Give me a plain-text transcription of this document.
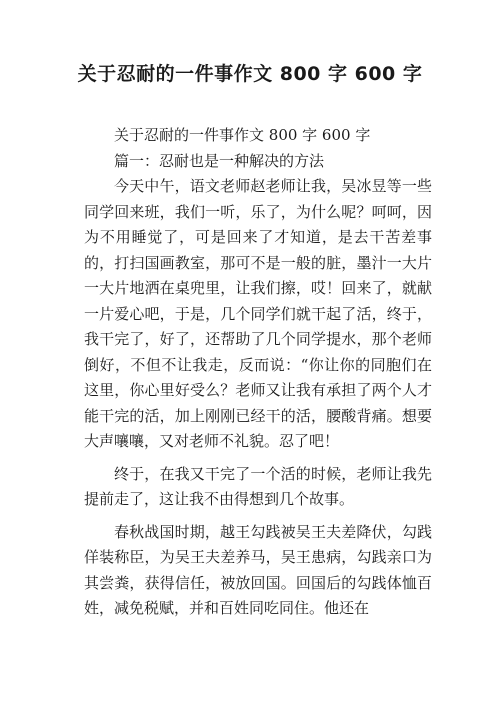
关于忍耐的一件事作文 800 字 600 字

关于忍耐的一件事作文 800 字 600 字

篇一：忍耐也是一种解决的方法

今天中午，语文老师赵老师让我，吴冰昱等一些同学回来班，我们一听，乐了，为什么呢？呵呵，因为不用睡觉了，可是回来了才知道，是去干苦差事的，打扫国画教室，那可不是一般的脏，墨汁一大片一大片地洒在桌兜里，让我们擦，哎！回来了，就献一片爱心吧，于是，几个同学们就干起了活，终于，我干完了，好了，还帮助了几个同学提水，那个老师倒好，不但不让我走，反而说：“你让你的同胞们在这里，你心里好受么？老师又让我有承担了两个人才能干完的活，加上刚刚已经干的活，腰酸背痛。想要大声嚷嚷，又对老师不礼貌。忍了吧！

终于，在我又干完了一个活的时候，老师让我先提前走了，这让我不由得想到几个故事。

春秋战国时期，越王勾践被吴王夫差降伏，勾践佯装称臣，为吴王夫差养马，吴王患病，勾践亲口为其尝粪，获得信任，被放回国。回国后的勾践体恤百姓，减免税赋，并和百姓同吃同住。他还在
